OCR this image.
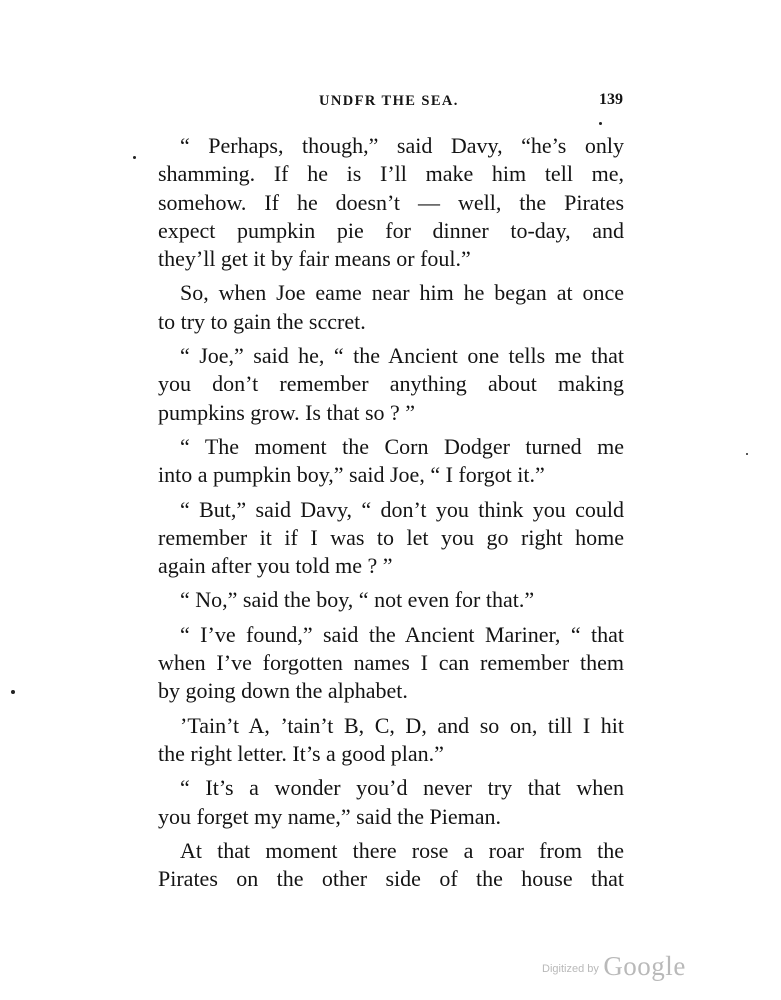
UNDFR THE SEA.	139
“ Perhaps, though,” said Davy, “he’s only
shamming. If he is I’ll make him tell me,
somehow. If he doesn’t — well, the Pirates
expect pumpkin pie for dinner to-day, and
they’ll get it by fair means or foul.”
So, when Joe eame near him he began at once
to try to gain the sccret.
“ Joe,” said he, “ the Ancient one tells me that
you don’t remember anything about making
pumpkins grow. Is that so ? ”
“ The moment the Corn Dodger turned me
into a pumpkin boy,” said Joe, “ I forgot it.”
“ But,” said Davy, “ don’t you think you could
remember it if I was to let you go right home
again after you told me ? ”
“ No,” said the boy, “ not even for that.”
“ I’ve found,” said the Ancient Mariner, “ that
when I’ve forgotten names I can remember them
by going down the alphabet.
’Tain’t A, ’tain’t B, C, D, and so on, till I hit
the right letter. It’s a good plan.”
“ It’s a wonder you’d never try that when
you forget my name,” said the Pieman.
At that moment there rose a roar from the
Pirates on the other side of the house that
Digitized by Google
